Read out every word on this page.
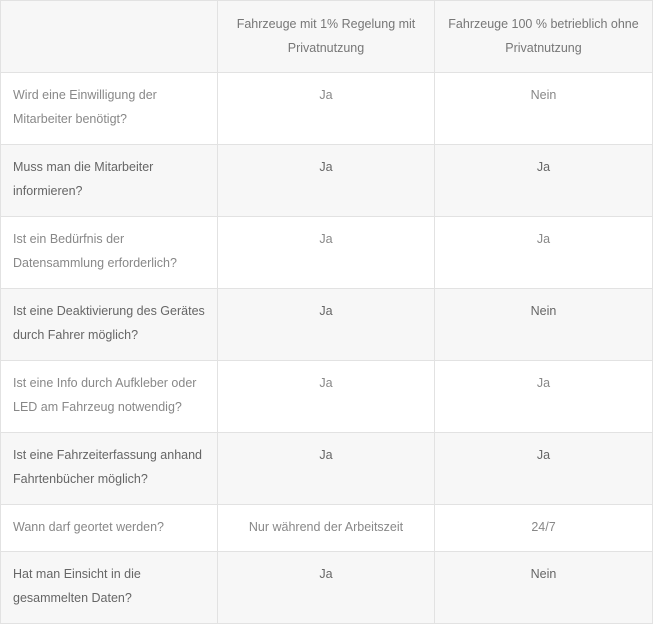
	Fahrzeuge mit 1% Regelung mit Privatnutzung	Fahrzeuge 100 % betrieblich ohne Privatnutzung
Wird eine Einwilligung der Mitarbeiter benötigt?	Ja	Nein
Muss man die Mitarbeiter informieren?	Ja	Ja
Ist ein Bedürfnis der Datensammlung erforderlich?	Ja	Ja
Ist eine Deaktivierung des Gerätes durch Fahrer möglich?	Ja	Nein
Ist eine Info durch Aufkleber oder LED am Fahrzeug notwendig?	Ja	Ja
Ist eine Fahrzeiterfassung anhand Fahrtenbücher möglich?	Ja	Ja
Wann darf geortet werden?	Nur während der Arbeitszeit	24/7
Hat man Einsicht in die gesammelten Daten?	Ja	Nein
